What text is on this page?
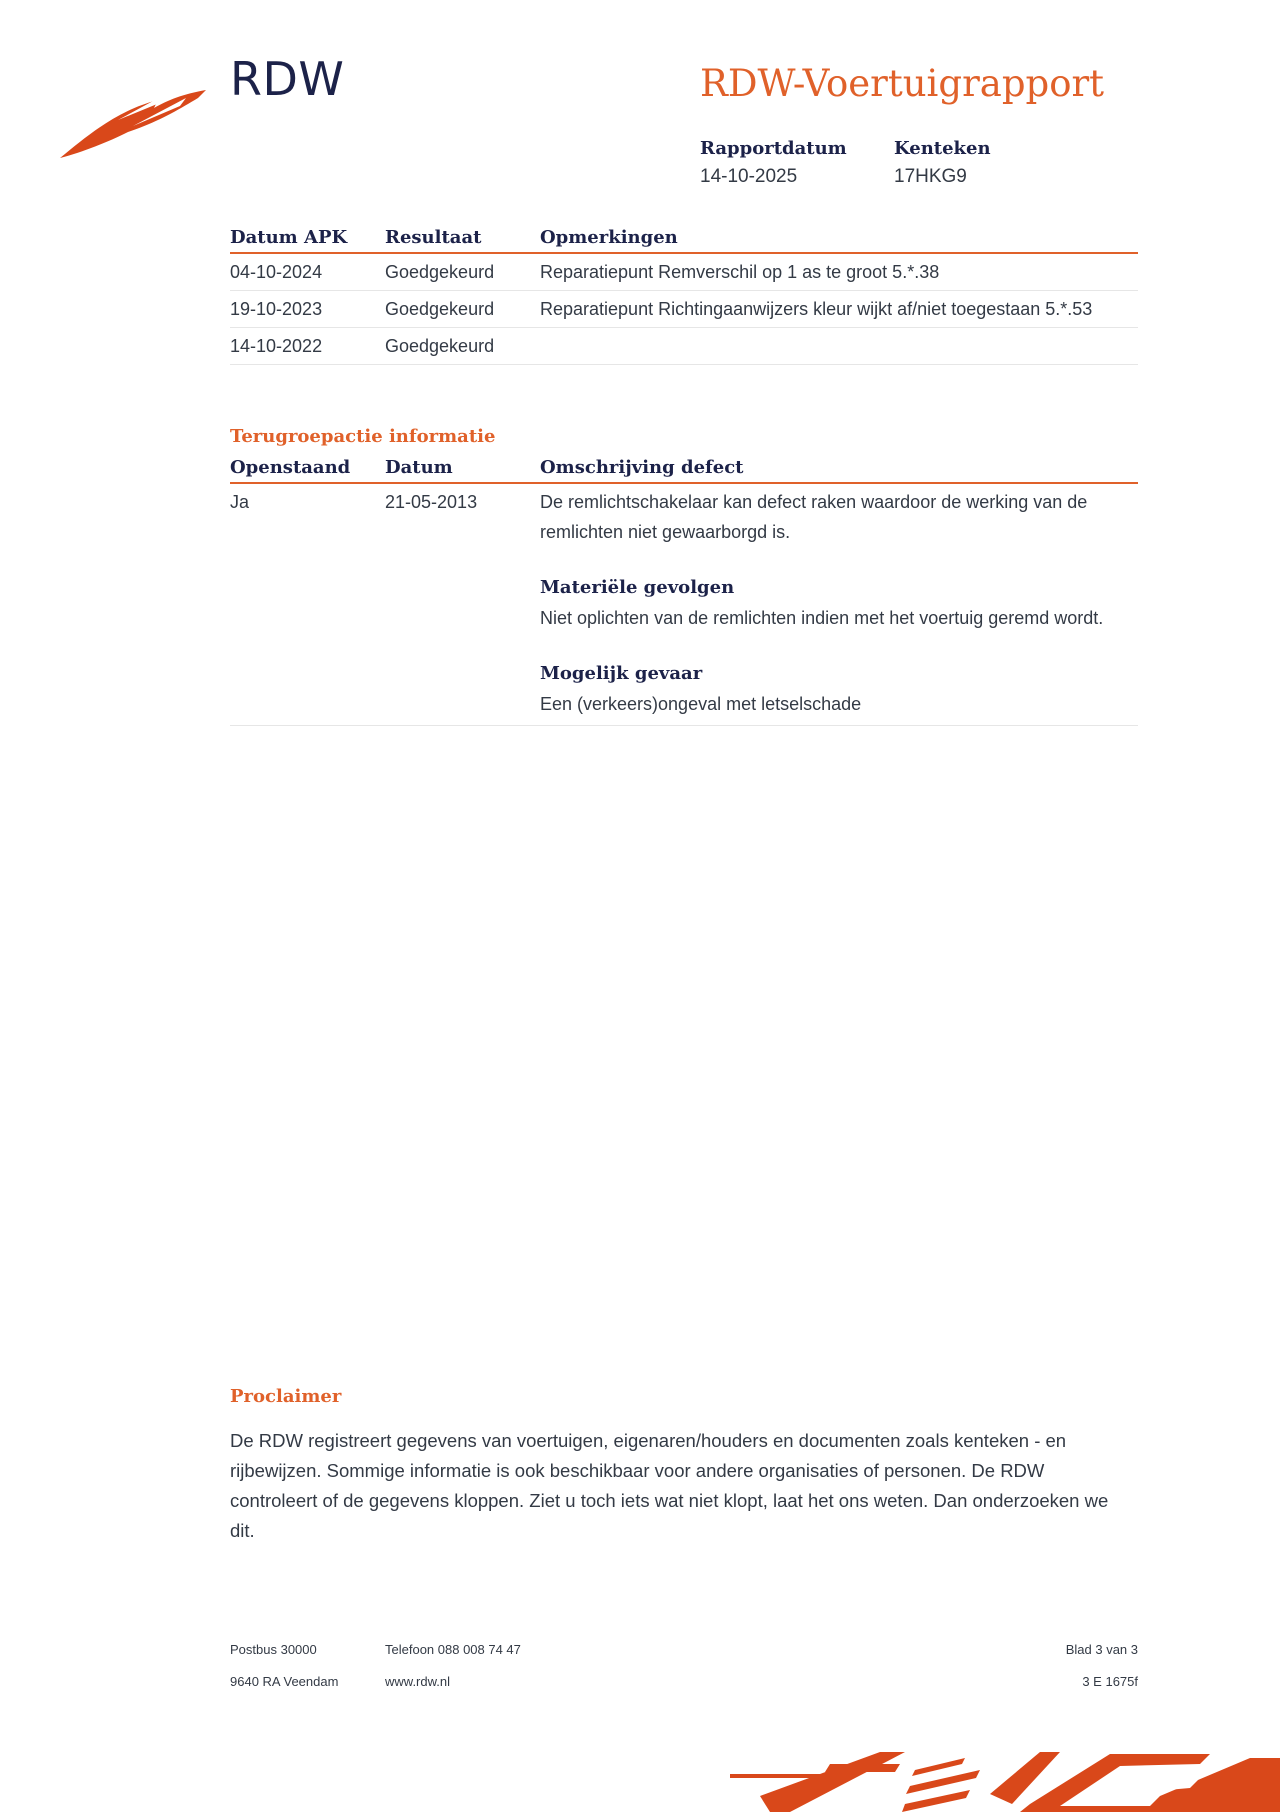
RDW	RDW-Voertuigrapport
Rapportdatum
14-10-2025
Kenteken
17HKG9
Datum APK	Resultaat	Opmerkingen
04-10-2024	Goedgekeurd	Reparatiepunt Remverschil op 1 as te groot 5.*.38
19-10-2023	Goedgekeurd	Reparatiepunt Richtingaanwijzers kleur wijkt af/niet toegestaan 5.*.53
14-10-2022	Goedgekeurd	
Terugroepactie informatie
Openstaand	Datum	Omschrijving defect
Ja	21-05-2013	De remlichtschakelaar kan defect raken waardoor de werking van de remlichten niet gewaarborgd is.
Materiële gevolgen
Niet oplichten van de remlichten indien met het voertuig geremd wordt.
Mogelijk gevaar
Een (verkeers)ongeval met letselschade
Proclaimer
De RDW registreert gegevens van voertuigen, eigenaren/houders en documenten zoals kenteken - en rijbewijzen. Sommige informatie is ook beschikbaar voor andere organisaties of personen. De RDW controleert of de gegevens kloppen. Ziet u toch iets wat niet klopt, laat het ons weten. Dan onderzoeken we dit.
Postbus 30000
9640 RA Veendam
Telefoon 088 008 74 47
www.rdw.nl
Blad 3 van 3
3 E 1675f
